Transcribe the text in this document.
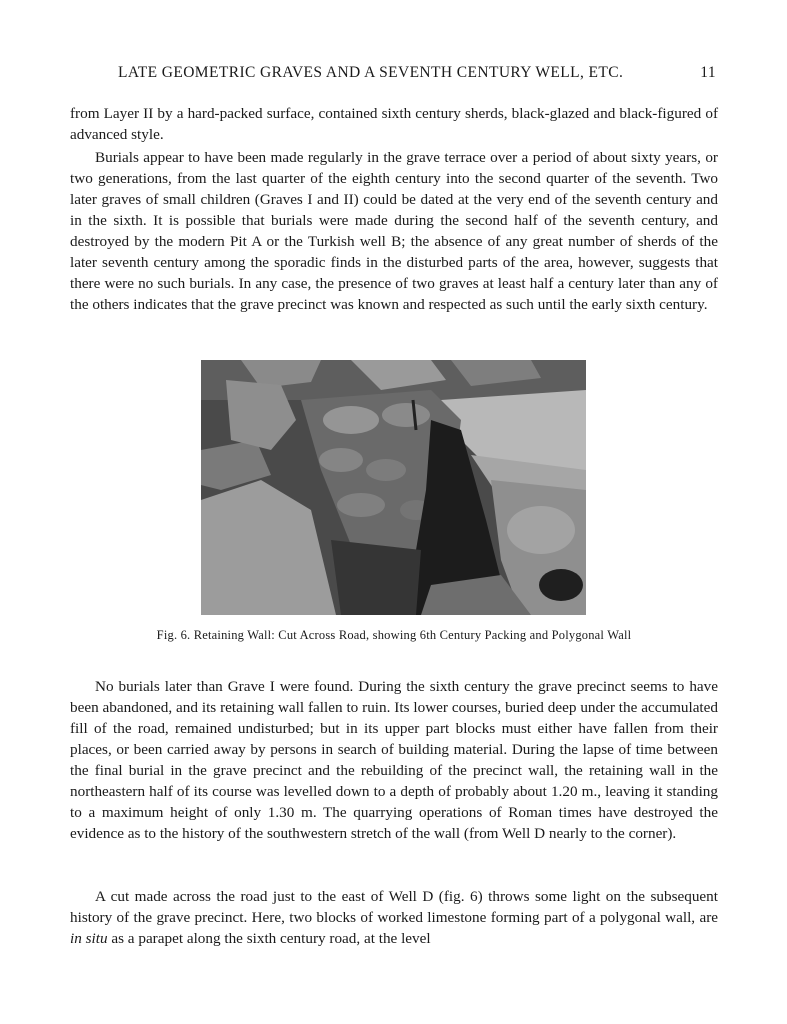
LATE GEOMETRIC GRAVES AND A SEVENTH CENTURY WELL, ETC.	11

from Layer II by a hard-packed surface, contained sixth century sherds, black-glazed and black-figured of advanced style.

Burials appear to have been made regularly in the grave terrace over a period of about sixty years, or two generations, from the last quarter of the eighth century into the second quarter of the seventh. Two later graves of small children (Graves I and II) could be dated at the very end of the seventh century and in the sixth. It is possible that burials were made during the second half of the seventh century, and destroyed by the modern Pit A or the Turkish well B; the absence of any great number of sherds of the later seventh century among the sporadic finds in the disturbed parts of the area, however, suggests that there were no such burials. In any case, the presence of two graves at least half a century later than any of the others indicates that the grave precinct was known and respected as such until the early sixth century.

Fig. 6. Retaining Wall: Cut Across Road, showing 6th Century Packing and Polygonal Wall

No burials later than Grave I were found. During the sixth century the grave precinct seems to have been abandoned, and its retaining wall fallen to ruin. Its lower courses, buried deep under the accumulated fill of the road, remained undisturbed; but in its upper part blocks must either have fallen from their places, or been carried away by persons in search of building material. During the lapse of time between the final burial in the grave precinct and the rebuilding of the precinct wall, the retaining wall in the northeastern half of its course was levelled down to a depth of probably about 1.20 m., leaving it standing to a maximum height of only 1.30 m. The quarrying operations of Roman times have destroyed the evidence as to the history of the southwestern stretch of the wall (from Well D nearly to the corner).

A cut made across the road just to the east of Well D (fig. 6) throws some light on the subsequent history of the grave precinct. Here, two blocks of worked limestone forming part of a polygonal wall, are in situ as a parapet along the sixth century road, at the level
